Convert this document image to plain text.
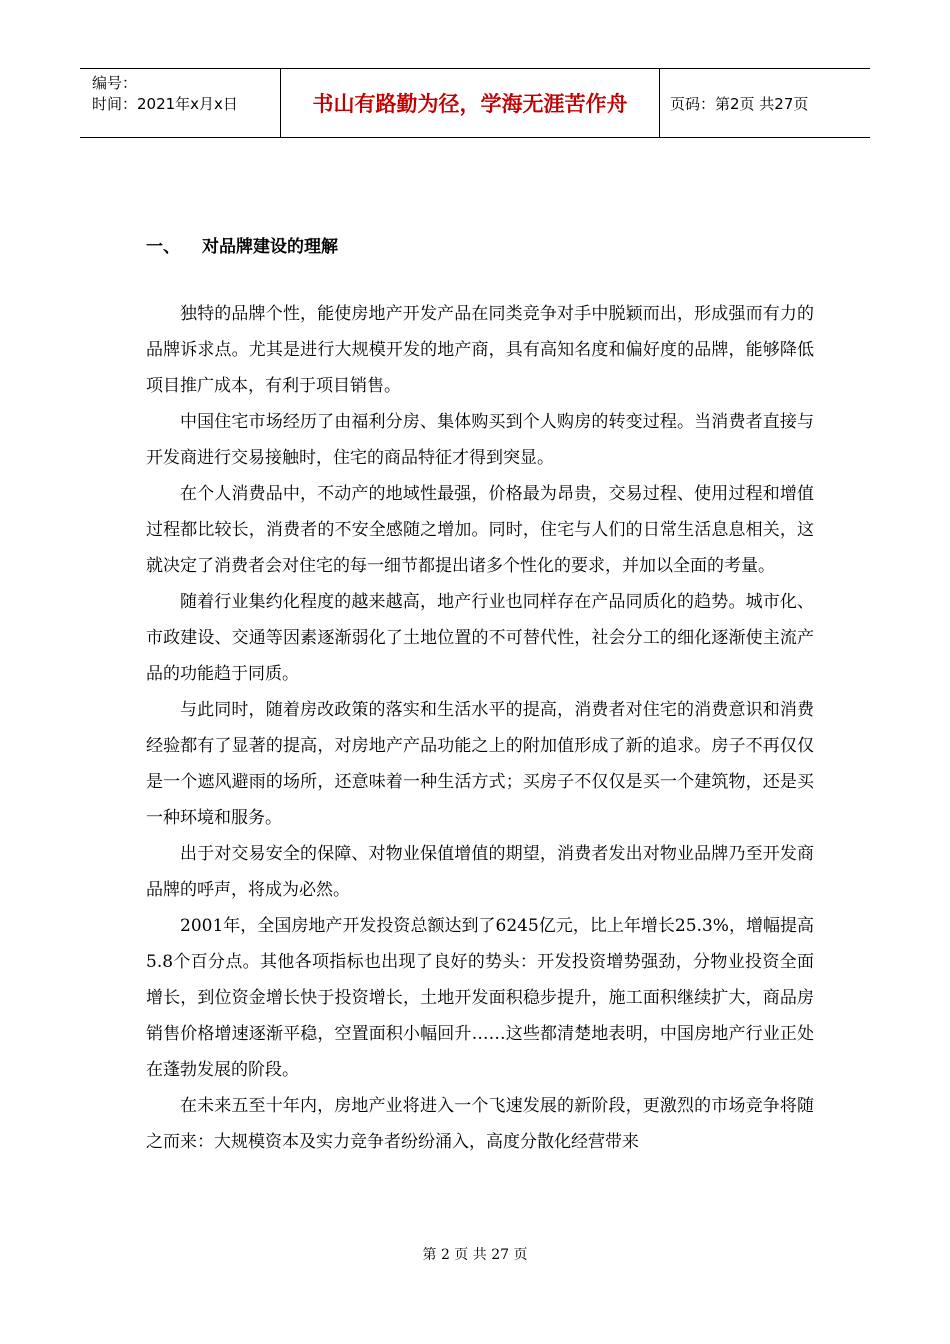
编号：
时间：2021年x月x日	书山有路勤为径，学海无涯苦作舟	页码：第2页 共27页
一、 对品牌建设的理解

独特的品牌个性，能使房地产开发产品在同类竞争对手中脱颖而出，形成强而有力的品牌诉求点。尤其是进行大规模开发的地产商，具有高知名度和偏好度的品牌，能够降低项目推广成本，有利于项目销售。

中国住宅市场经历了由福利分房、集体购买到个人购房的转变过程。当消费者直接与开发商进行交易接触时，住宅的商品特征才得到突显。

在个人消费品中，不动产的地域性最强，价格最为昂贵，交易过程、使用过程和增值过程都比较长，消费者的不安全感随之增加。同时，住宅与人们的日常生活息息相关，这就决定了消费者会对住宅的每一细节都提出诸多个性化的要求，并加以全面的考量。

随着行业集约化程度的越来越高，地产行业也同样存在产品同质化的趋势。城市化、市政建设、交通等因素逐渐弱化了土地位置的不可替代性，社会分工的细化逐渐使主流产品的功能趋于同质。

与此同时，随着房改政策的落实和生活水平的提高，消费者对住宅的消费意识和消费经验都有了显著的提高，对房地产产品功能之上的附加值形成了新的追求。房子不再仅仅是一个遮风避雨的场所，还意味着一种生活方式；买房子不仅仅是买一个建筑物，还是买一种环境和服务。

出于对交易安全的保障、对物业保值增值的期望，消费者发出对物业品牌乃至开发商品牌的呼声，将成为必然。

2001年，全国房地产开发投资总额达到了6245亿元，比上年增长25.3%，增幅提高5.8个百分点。其他各项指标也出现了良好的势头：开发投资增势强劲，分物业投资全面增长，到位资金增长快于投资增长，土地开发面积稳步提升，施工面积继续扩大，商品房销售价格增速逐渐平稳，空置面积小幅回升……这些都清楚地表明，中国房地产行业正处在蓬勃发展的阶段。

在未来五至十年内，房地产业将进入一个飞速发展的新阶段，更激烈的市场竞争将随之而来：大规模资本及实力竞争者纷纷涌入，高度分散化经营带来

第 2 页 共 27 页
